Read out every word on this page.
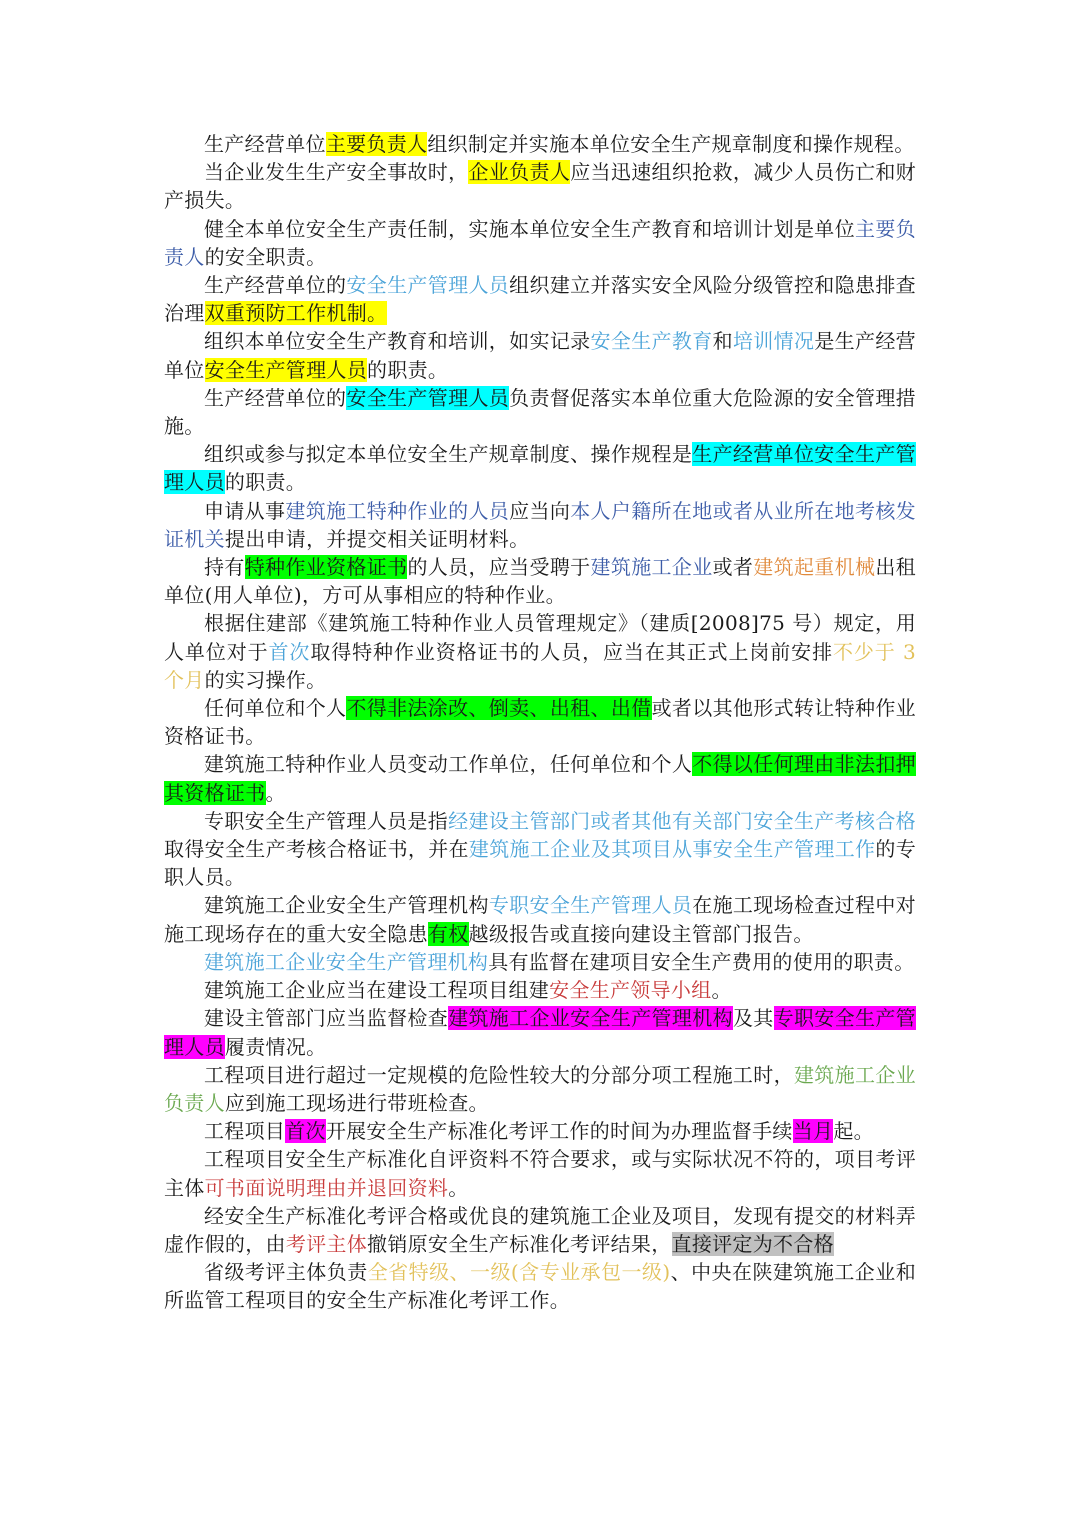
生产经营单位主要负责人组织制定并实施本单位安全生产规章制度和操作规程。

当企业发生生产安全事故时，企业负责人应当迅速组织抢救，减少人员伤亡和财产损失。

健全本单位安全生产责任制，实施本单位安全生产教育和培训计划是单位主要负责人的安全职责。

生产经营单位的安全生产管理人员组织建立并落实安全风险分级管控和隐患排查治理双重预防工作机制。

组织本单位安全生产教育和培训，如实记录安全生产教育和培训情况是生产经营单位安全生产管理人员的职责。

生产经营单位的安全生产管理人员负责督促落实本单位重大危险源的安全管理措施。

组织或参与拟定本单位安全生产规章制度、操作规程是生产经营单位安全生产管理人员的职责。

申请从事建筑施工特种作业的人员应当向本人户籍所在地或者从业所在地考核发证机关提出申请，并提交相关证明材料。

持有特种作业资格证书的人员，应当受聘于建筑施工企业或者建筑起重机械出租单位(用人单位)，方可从事相应的特种作业。

根据住建部《建筑施工特种作业人员管理规定》（建质[2008]75 号）规定，用人单位对于首次取得特种作业资格证书的人员，应当在其正式上岗前安排不少于 3 个月的实习操作。

任何单位和个人不得非法涂改、倒卖、出租、出借或者以其他形式转让特种作业资格证书。

建筑施工特种作业人员变动工作单位，任何单位和个人不得以任何理由非法扣押其资格证书。

专职安全生产管理人员是指经建设主管部门或者其他有关部门安全生产考核合格取得安全生产考核合格证书，并在建筑施工企业及其项目从事安全生产管理工作的专职人员。

建筑施工企业安全生产管理机构专职安全生产管理人员在施工现场检查过程中对施工现场存在的重大安全隐患有权越级报告或直接向建设主管部门报告。

建筑施工企业安全生产管理机构具有监督在建项目安全生产费用的使用的职责。

建筑施工企业应当在建设工程项目组建安全生产领导小组。

建设主管部门应当监督检查建筑施工企业安全生产管理机构及其专职安全生产管理人员履责情况。

工程项目进行超过一定规模的危险性较大的分部分项工程施工时，建筑施工企业负责人应到施工现场进行带班检查。

工程项目首次开展安全生产标准化考评工作的时间为办理监督手续当月起。

工程项目安全生产标准化自评资料不符合要求，或与实际状况不符的，项目考评主体可书面说明理由并退回资料。

经安全生产标准化考评合格或优良的建筑施工企业及项目，发现有提交的材料弄虚作假的，由考评主体撤销原安全生产标准化考评结果，直接评定为不合格

省级考评主体负责全省特级、一级(含专业承包一级)、中央在陕建筑施工企业和所监管工程项目的安全生产标准化考评工作。
